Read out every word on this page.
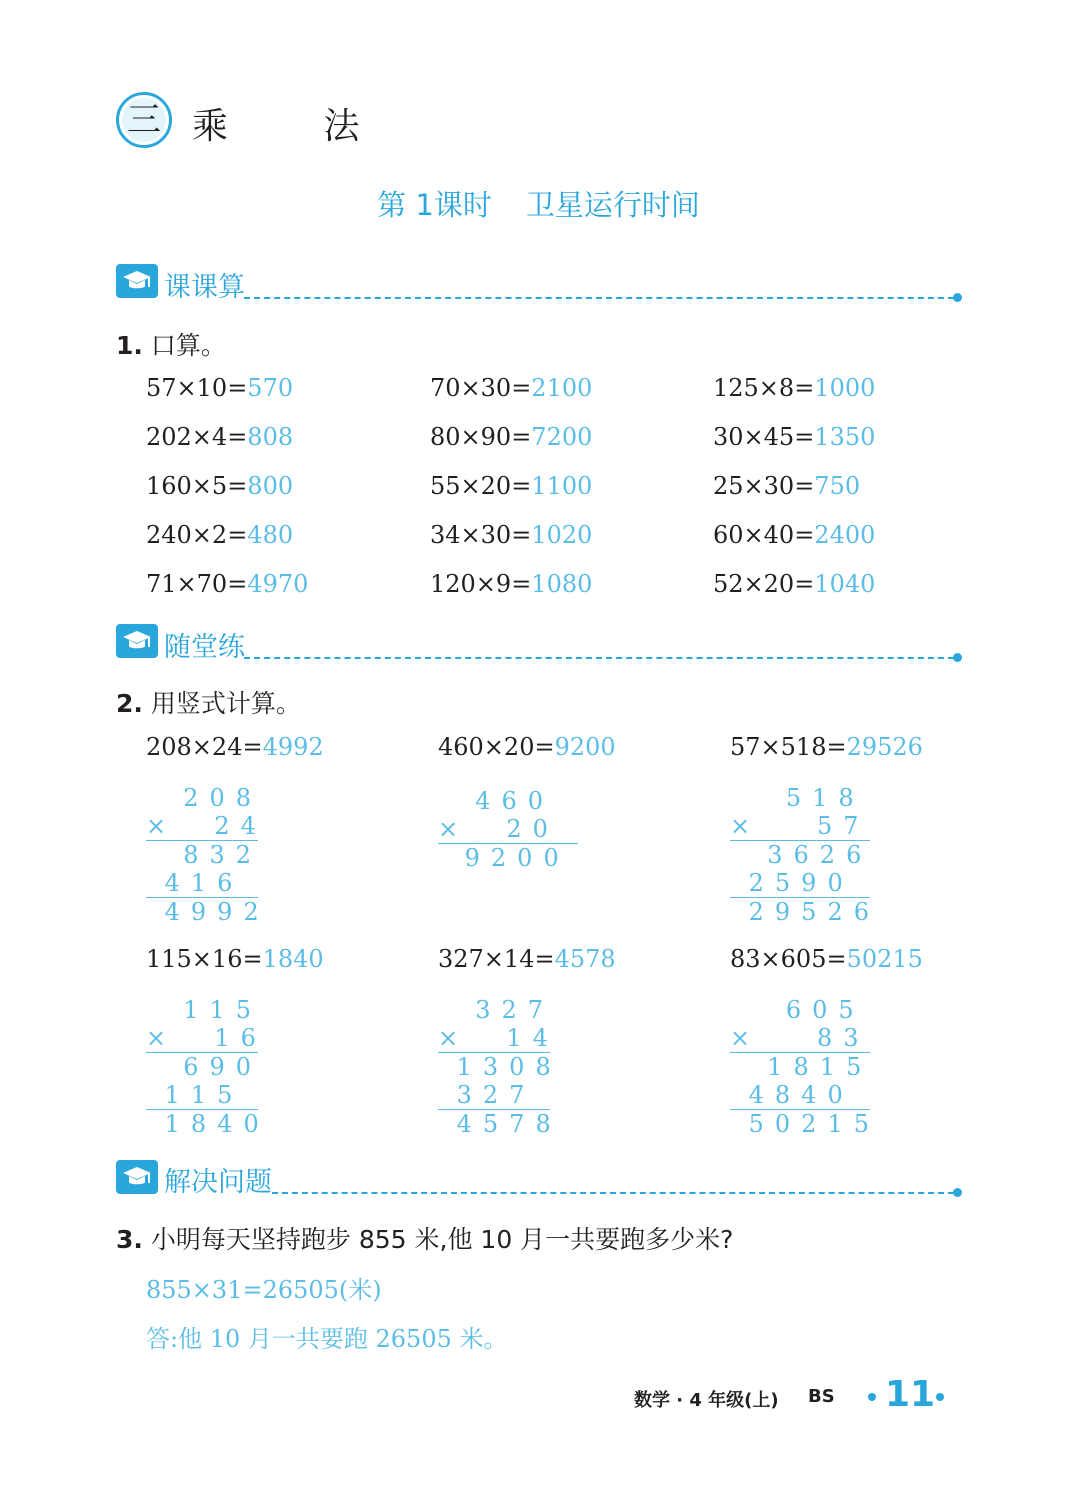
三 乘 法
第 1课时 卫星运行时间
课课算
1. 口算。
57×10=570	70×30=2100	125×8=1000
202×4=808	80×90=7200	30×45=1350
160×5=800	55×20=1100	25×30=750
240×2=480	34×30=1020	60×40=2400
71×70=4970	120×9=1080	52×20=1040
随堂练
2. 用竖式计算。
208×24=4992
208
×  24
832
416
4992
460×20=9200
460
×  20
9200
57×518=29526
518
×   57
3626
2590
29526
115×16=1840
115
×  16
690
115
1840
327×14=4578
327
×  14
1308
327
4578
83×605=50215
605
×   83
1815
4840
50215
解决问题
3. 小明每天坚持跑步 855 米,他 10 月一共要跑多少米?
855×31=26505(米)
答:他 10 月一共要跑 26505 米。
数学 · 4 年级(上) BS 11
